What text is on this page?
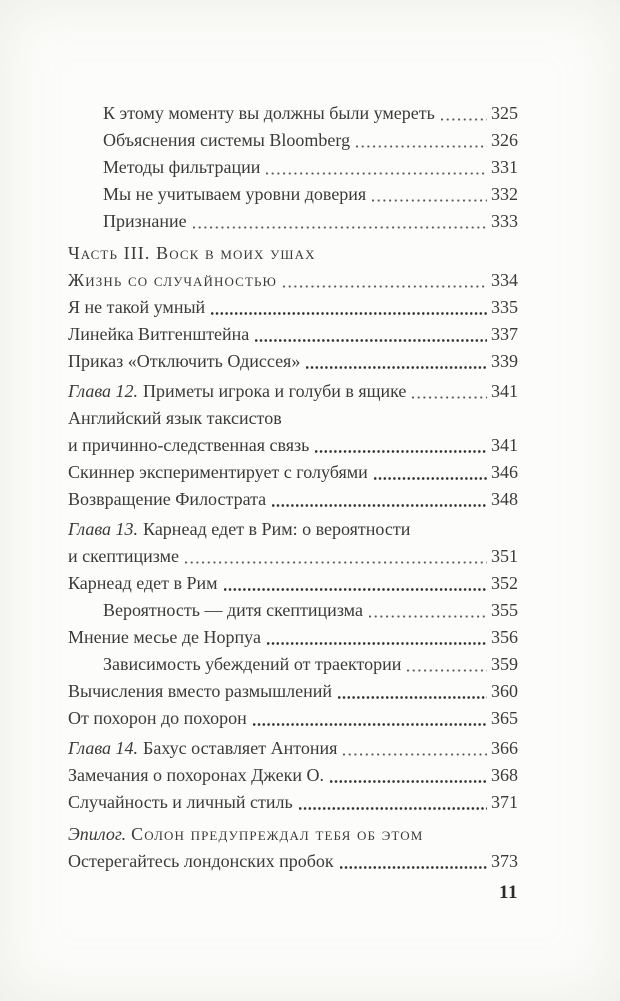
К этому моменту вы должны были умереть	325
Объяснения системы Bloomberg	326
Методы фильтрации	331
Мы не учитываем уровни доверия	332
Признание	333
Часть III. Воск в моих ушах
Жизнь со случайностью	334
Я не такой умный	335
Линейка Витгенштейна	337
Приказ «Отключить Одиссея»	339
Глава 12. Приметы игрока и голуби в ящике	341
Английский язык таксистов
и причинно-следственная связь	341
Скиннер экспериментирует с голубями	346
Возвращение Филострата	348
Глава 13. Карнеад едет в Рим: о вероятности
и скептицизме	351
Карнеад едет в Рим	352
Вероятность — дитя скептицизма	355
Мнение месье де Норпуа	356
Зависимость убеждений от траектории	359
Вычисления вместо размышлений	360
От похорон до похорон	365
Глава 14. Бахус оставляет Антония	366
Замечания о похоронах Джеки О.	368
Случайность и личный стиль	371
Эпилог. Солон предупреждал тебя об этом
Остерегайтесь лондонских пробок	373
11
